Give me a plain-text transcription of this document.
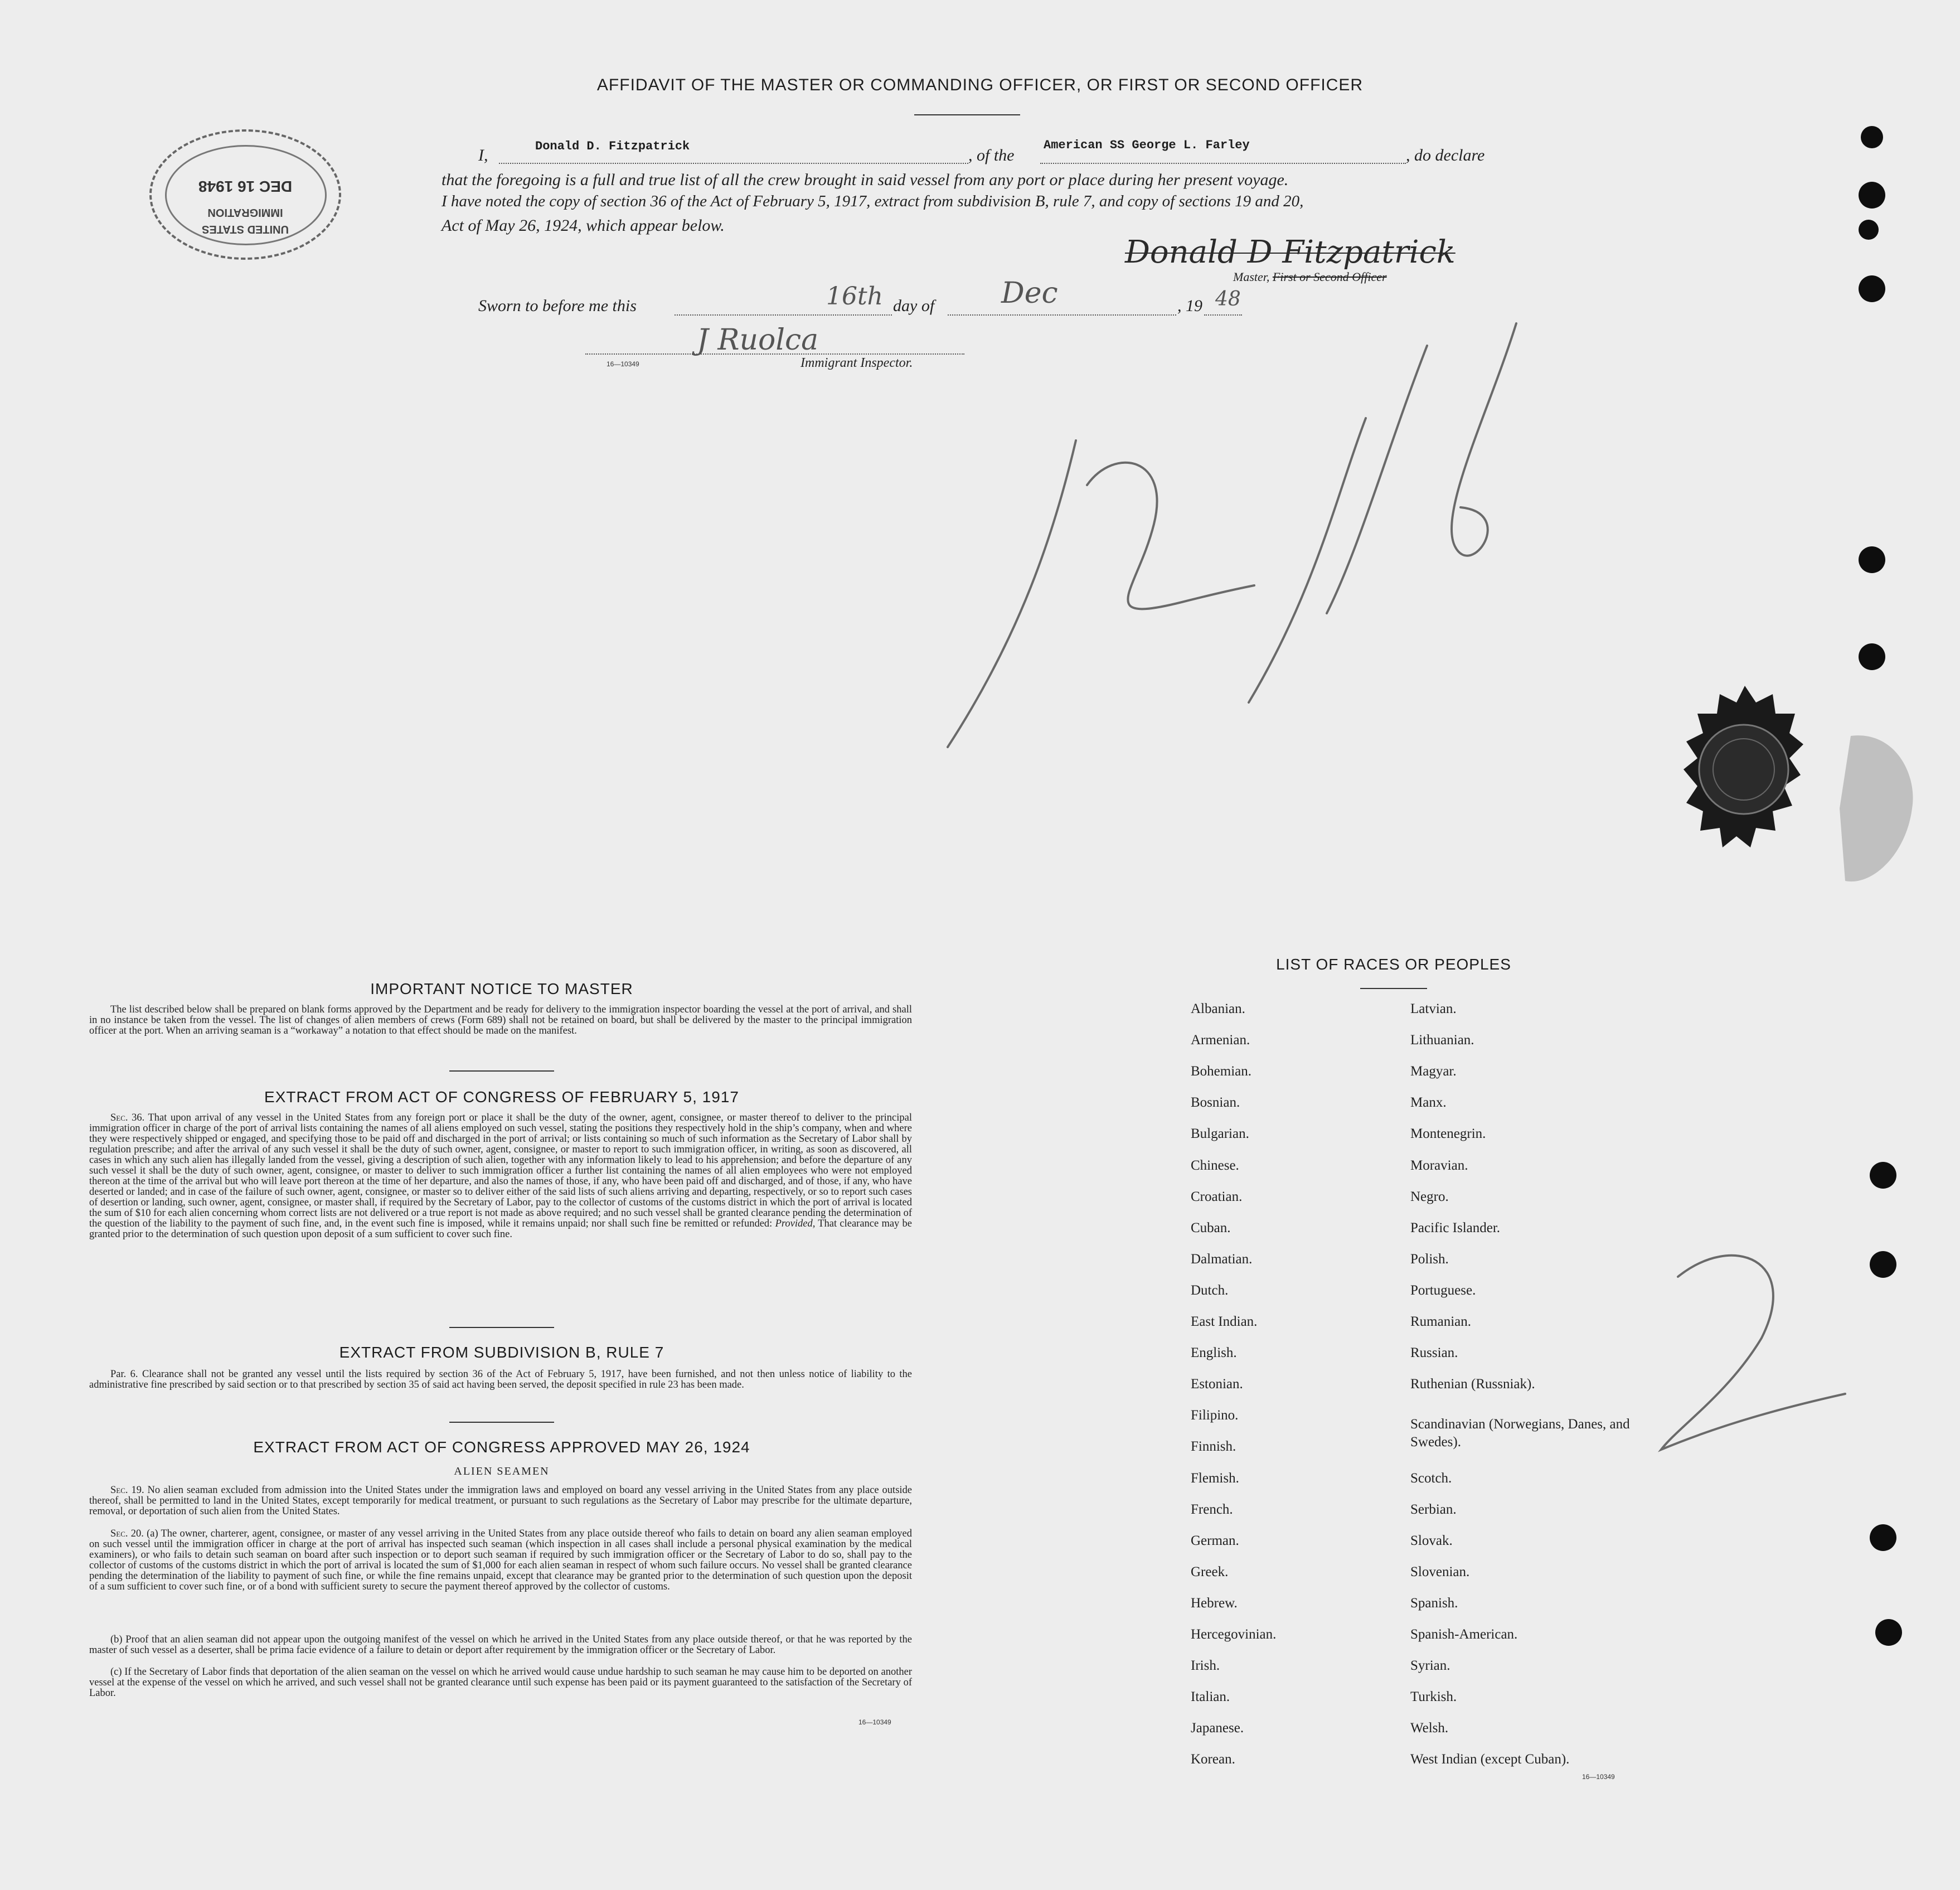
AFFIDAVIT OF THE MASTER OR COMMANDING OFFICER, OR FIRST OR SECOND OFFICER
UNITED STATES
IMMIGRATION
DEC 16 1948
I,	Donald D. Fitzpatrick	, of the
American SS George L. Farley
, do declare
that the foregoing is a full and true list of all the crew brought in said vessel from any port or place during her present voyage.
I have noted the copy of section 36 of the Act of February 5, 1917, extract from subdivision B, rule 7, and copy of sections 19 and 20,
Act of May 26, 1924, which appear below.
Donald D Fitzpatrick
Master, First or Second Officer
Sworn to before me this	16th day of Dec	, 19 48
J Ruolca
16—10349	Immigrant Inspector.
IMPORTANT NOTICE TO MASTER
The list described below shall be prepared on blank forms approved by the Department and be ready for delivery to the immigration inspector boarding the vessel at the port of arrival, and shall in no instance be taken from the vessel. The list of changes of alien members of crews (Form 689) shall not be retained on board, but shall be delivered by the master to the principal immigration officer at the port. When an arriving seaman is a “workaway” a notation to that effect should be made on the manifest.
EXTRACT FROM ACT OF CONGRESS OF FEBRUARY 5, 1917
Sec. 36. That upon arrival of any vessel in the United States from any foreign port or place it shall be the duty of the owner, agent, consignee, or master thereof to deliver to the principal immigration officer in charge of the port of arrival lists containing the names of all aliens employed on such vessel, stating the positions they respectively hold in the ship’s company, when and where they were respectively shipped or engaged, and specifying those to be paid off and discharged in the port of arrival; or lists containing so much of such information as the Secretary of Labor shall by regulation prescribe; and after the arrival of any such vessel it shall be the duty of such owner, agent, consignee, or master to report to such immigration officer, in writing, as soon as discovered, all cases in which any such alien has illegally landed from the vessel, giving a description of such alien, together with any information likely to lead to his apprehension; and before the departure of any such vessel it shall be the duty of such owner, agent, consignee, or master to deliver to such immigration officer a further list containing the names of all alien employees who were not employed thereon at the time of the arrival but who will leave port thereon at the time of her departure, and also the names of those, if any, who have been paid off and discharged, and of those, if any, who have deserted or landed; and in case of the failure of such owner, agent, consignee, or master so to deliver either of the said lists of such aliens arriving and departing, respectively, or so to report such cases of desertion or landing, such owner, agent, consignee, or master shall, if required by the Secretary of Labor, pay to the collector of customs of the customs district in which the port of arrival is located the sum of $10 for each alien concerning whom correct lists are not delivered or a true report is not made as above required; and no such vessel shall be granted clearance pending the determination of the question of the liability to the payment of such fine, and, in the event such fine is imposed, while it remains unpaid; nor shall such fine be remitted or refunded: Provided, That clearance may be granted prior to the determination of such question upon deposit of a sum sufficient to cover such fine.
EXTRACT FROM SUBDIVISION B, RULE 7
Par. 6. Clearance shall not be granted any vessel until the lists required by section 36 of the Act of February 5, 1917, have been furnished, and not then unless notice of liability to the administrative fine prescribed by said section or to that prescribed by section 35 of said act having been served, the deposit specified in rule 23 has been made.
EXTRACT FROM ACT OF CONGRESS APPROVED MAY 26, 1924
ALIEN SEAMEN
Sec. 19. No alien seaman excluded from admission into the United States under the immigration laws and employed on board any vessel arriving in the United States from any place outside thereof, shall be permitted to land in the United States, except temporarily for medical treatment, or pursuant to such regulations as the Secretary of Labor may prescribe for the ultimate departure, removal, or deportation of such alien from the United States.
Sec. 20. (a) The owner, charterer, agent, consignee, or master of any vessel arriving in the United States from any place outside thereof who fails to detain on board any alien seaman employed on such vessel until the immigration officer in charge at the port of arrival has inspected such seaman (which inspection in all cases shall include a personal physical examination by the medical examiners), or who fails to detain such seaman on board after such inspection or to deport such seaman if required by such immigration officer or the Secretary of Labor to do so, shall pay to the collector of customs of the customs district in which the port of arrival is located the sum of $1,000 for each alien seaman in respect of whom such failure occurs. No vessel shall be granted clearance pending the determination of the liability to payment of such fine, or while the fine remains unpaid, except that clearance may be granted prior to the determination of such question upon the deposit of a sum sufficient to cover such fine, or of a bond with sufficient surety to secure the payment thereof approved by the collector of customs.
(b) Proof that an alien seaman did not appear upon the outgoing manifest of the vessel on which he arrived in the United States from any place outside thereof, or that he was reported by the master of such vessel as a deserter, shall be prima facie evidence of a failure to detain or deport after requirement by the immigration officer or the Secretary of Labor.
(c) If the Secretary of Labor finds that deportation of the alien seaman on the vessel on which he arrived would cause undue hardship to such seaman he may cause him to be deported on another vessel at the expense of the vessel on which he arrived, and such vessel shall not be granted clearance until such expense has been paid or its payment guaranteed to the satisfaction of the Secretary of Labor.
16—10349
LIST OF RACES OR PEOPLES
Albanian.
Armenian.
Bohemian.
Bosnian.
Bulgarian.
Chinese.
Croatian.
Cuban.
Dalmatian.
Dutch.
East Indian.
English.
Estonian.
Filipino.
Finnish.
Flemish.
French.
German.
Greek.
Hebrew.
Hercegovinian.
Irish.
Italian.
Japanese.
Korean.
Latvian.
Lithuanian.
Magyar.
Manx.
Montenegrin.
Moravian.
Negro.
Pacific Islander.
Polish.
Portuguese.
Rumanian.
Russian.
Ruthenian (Russniak).
Scandinavian (Norwegians, Danes, and Swedes).
Scotch.
Serbian.
Slovak.
Slovenian.
Spanish.
Spanish-American.
Syrian.
Turkish.
Welsh.
West Indian (except Cuban).
16—10349
